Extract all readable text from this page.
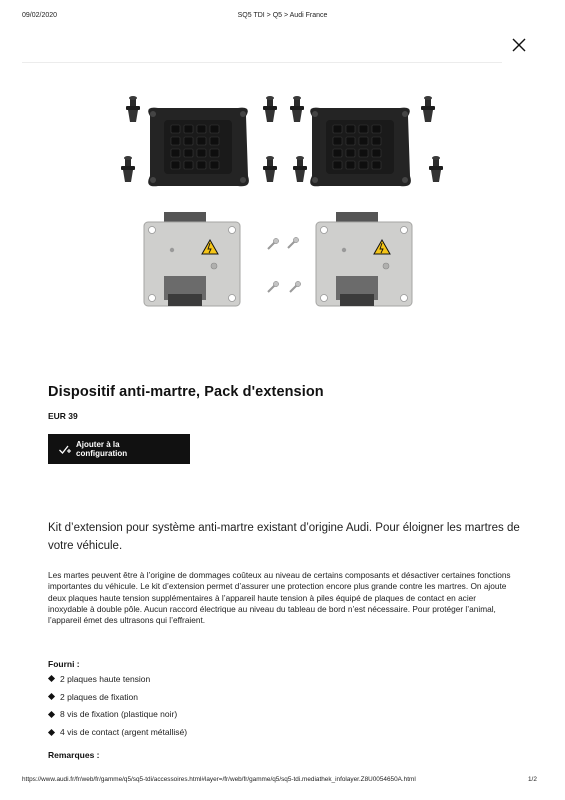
09/02/2020	SQ5 TDI > Q5 > Audi France
Dispositif anti-martre, Pack d'extension
EUR 39
Ajouter à la configuration

Kit d’extension pour système anti-martre existant d’origine Audi. Pour éloigner les martres de votre véhicule.

Les martes peuvent être à l’origine de dommages coûteux au niveau de certains composants et désactiver certaines fonctions importantes du véhicule. Le kit d’extension permet d’assurer une protection encore plus grande contre les martres. On ajoute deux plaques haute tension supplémentaires à l’appareil haute tension à piles équipé de plaques de contact en acier inoxydable à double pôle. Aucun raccord électrique au niveau du tableau de bord n’est nécessaire. Pour protéger l’animal, l’appareil émet des ultrasons qui l’effraient.

Fourni :
2 plaques haute tension
2 plaques de fixation
8 vis de fixation (plastique noir)
4 vis de contact (argent métallisé)
Remarques :
https://www.audi.fr/fr/web/fr/gamme/q5/sq5-tdi/accessoires.html#layer=/fr/web/fr/gamme/q5/sq5-tdi.mediathek_infolayer.Z8U0054650A.html	1/2
